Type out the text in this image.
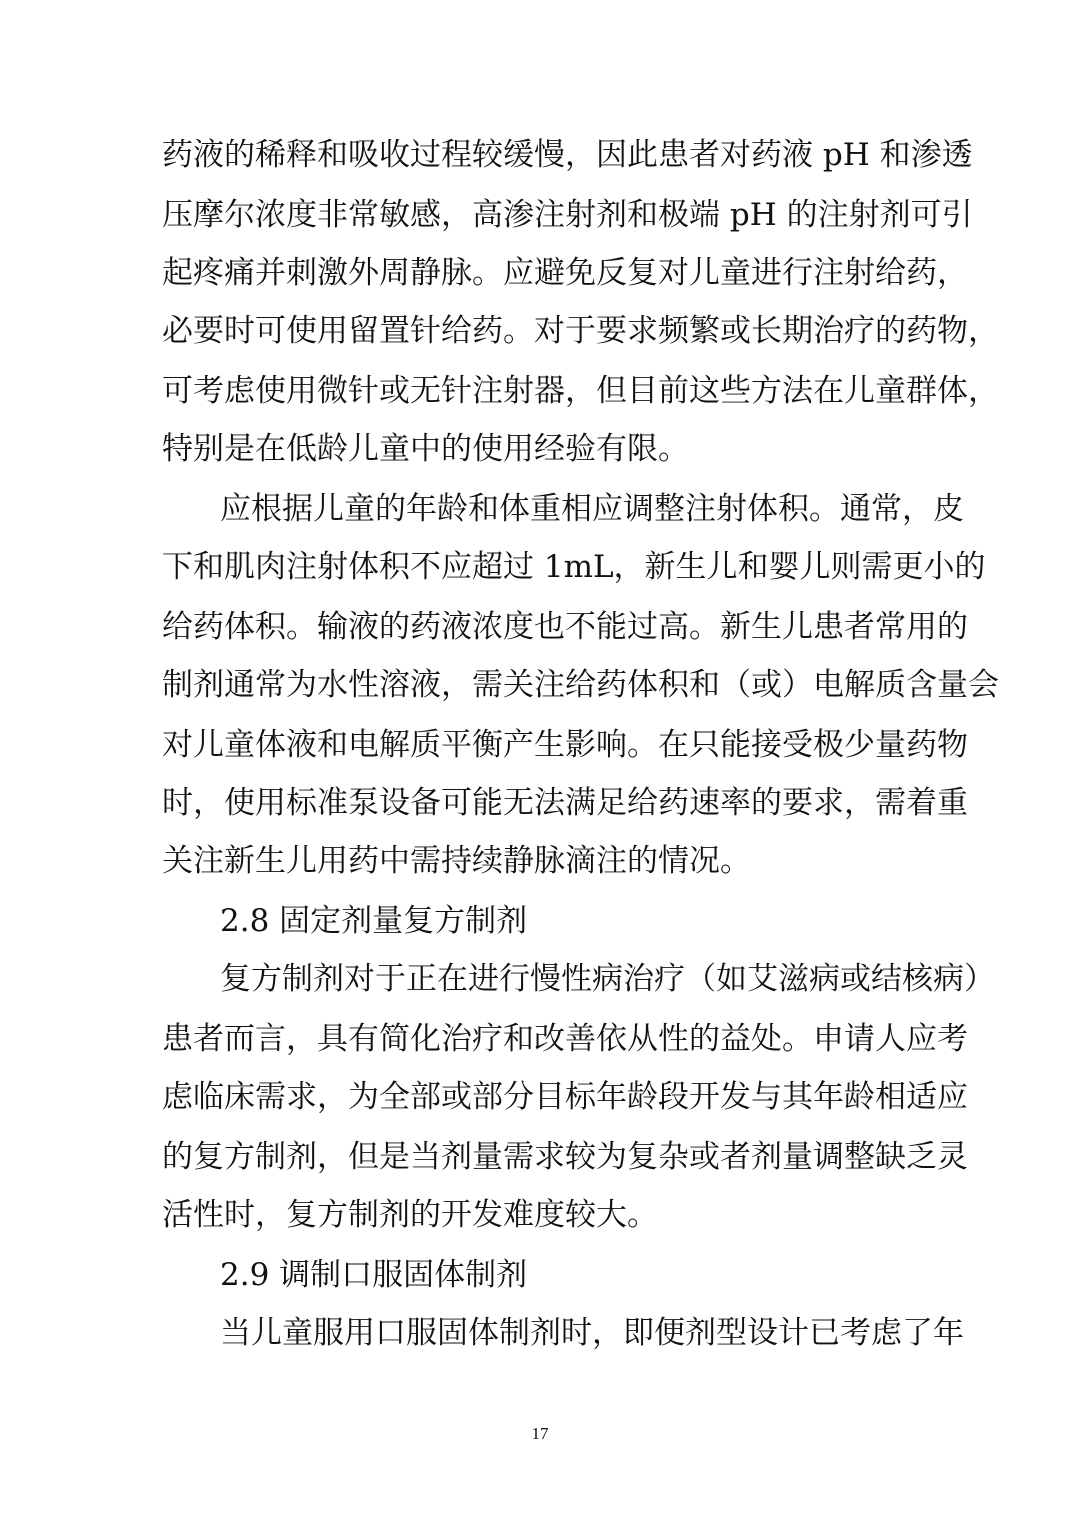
药液的稀释和吸收过程较缓慢，因此患者对药液 pH 和渗透
压摩尔浓度非常敏感，高渗注射剂和极端 pH 的注射剂可引
起疼痛并刺激外周静脉。应避免反复对儿童进行注射给药，
必要时可使用留置针给药。对于要求频繁或长期治疗的药物，
可考虑使用微针或无针注射器，但目前这些方法在儿童群体，
特别是在低龄儿童中的使用经验有限。
应根据儿童的年龄和体重相应调整注射体积。通常，皮
下和肌肉注射体积不应超过 1mL，新生儿和婴儿则需更小的
给药体积。输液的药液浓度也不能过高。新生儿患者常用的
制剂通常为水性溶液，需关注给药体积和（或）电解质含量会
对儿童体液和电解质平衡产生影响。在只能接受极少量药物
时，使用标准泵设备可能无法满足给药速率的要求，需着重
关注新生儿用药中需持续静脉滴注的情况。
2.8 固定剂量复方制剂
复方制剂对于正在进行慢性病治疗（如艾滋病或结核病）
患者而言，具有简化治疗和改善依从性的益处。申请人应考
虑临床需求，为全部或部分目标年龄段开发与其年龄相适应
的复方制剂，但是当剂量需求较为复杂或者剂量调整缺乏灵
活性时，复方制剂的开发难度较大。
2.9 调制口服固体制剂
当儿童服用口服固体制剂时，即便剂型设计已考虑了年
17
